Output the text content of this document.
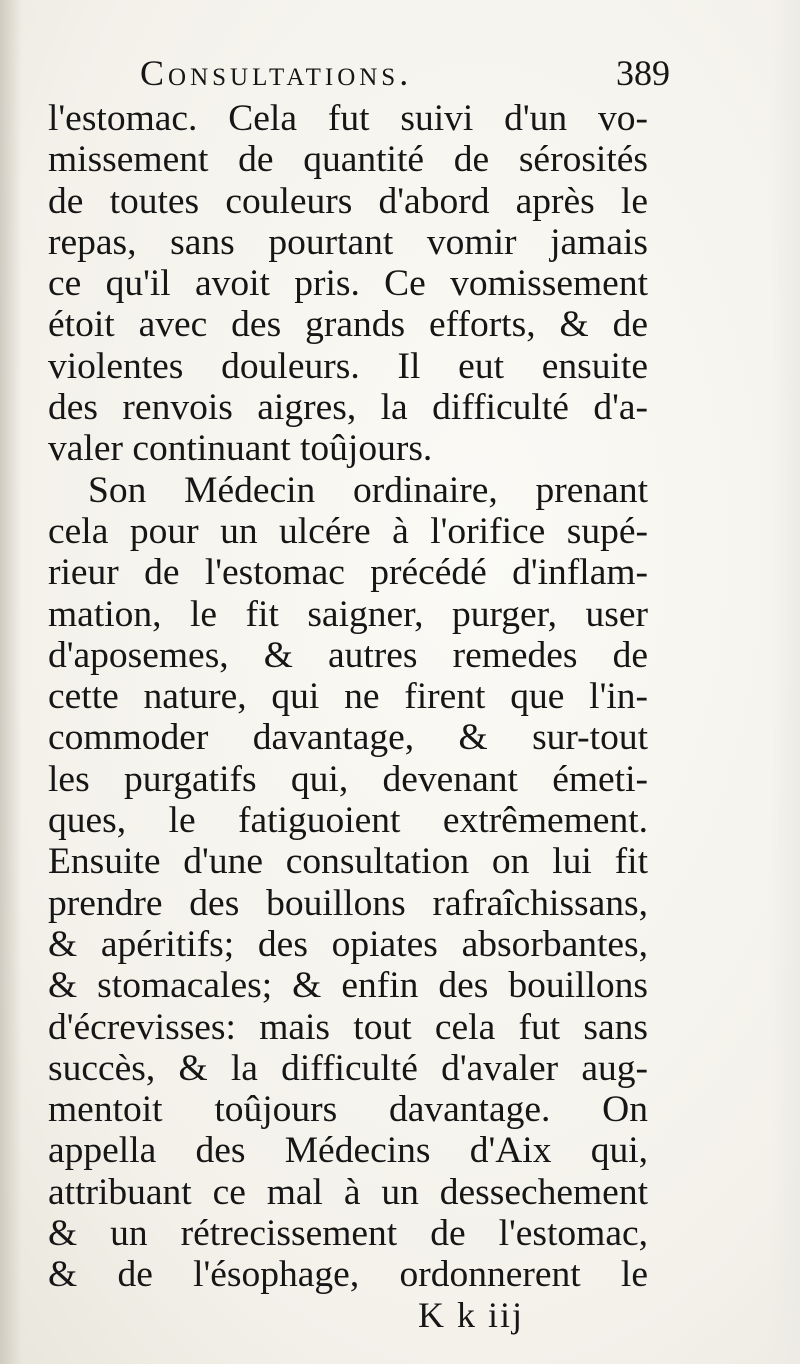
Consultations.	389
l'estomac. Cela fut suivi d'un vo-
missement de quantité de sérosités
de toutes couleurs d'abord après le
repas, sans pourtant vomir jamais
ce qu'il avoit pris. Ce vomissement
étoit avec des grands efforts, & de
violentes douleurs. Il eut ensuite
des renvois aigres, la difficulté d'a-
valer continuant toûjours.
Son Médecin ordinaire, prenant
cela pour un ulcére à l'orifice supé-
rieur de l'estomac précédé d'inflam-
mation, le fit saigner, purger, user
d'aposemes, & autres remedes de
cette nature, qui ne firent que l'in-
commoder davantage, & sur-tout
les purgatifs qui, devenant émeti-
ques, le fatiguoient extrêmement.
Ensuite d'une consultation on lui fit
prendre des bouillons rafraîchissans,
& apéritifs; des opiates absorbantes,
& stomacales; & enfin des bouillons
d'écrevisses: mais tout cela fut sans
succès, & la difficulté d'avaler aug-
mentoit toûjours davantage. On
appella des Médecins d'Aix qui,
attribuant ce mal à un dessechement
& un rétrecissement de l'estomac,
& de l'ésophage, ordonnerent le
K k iij
